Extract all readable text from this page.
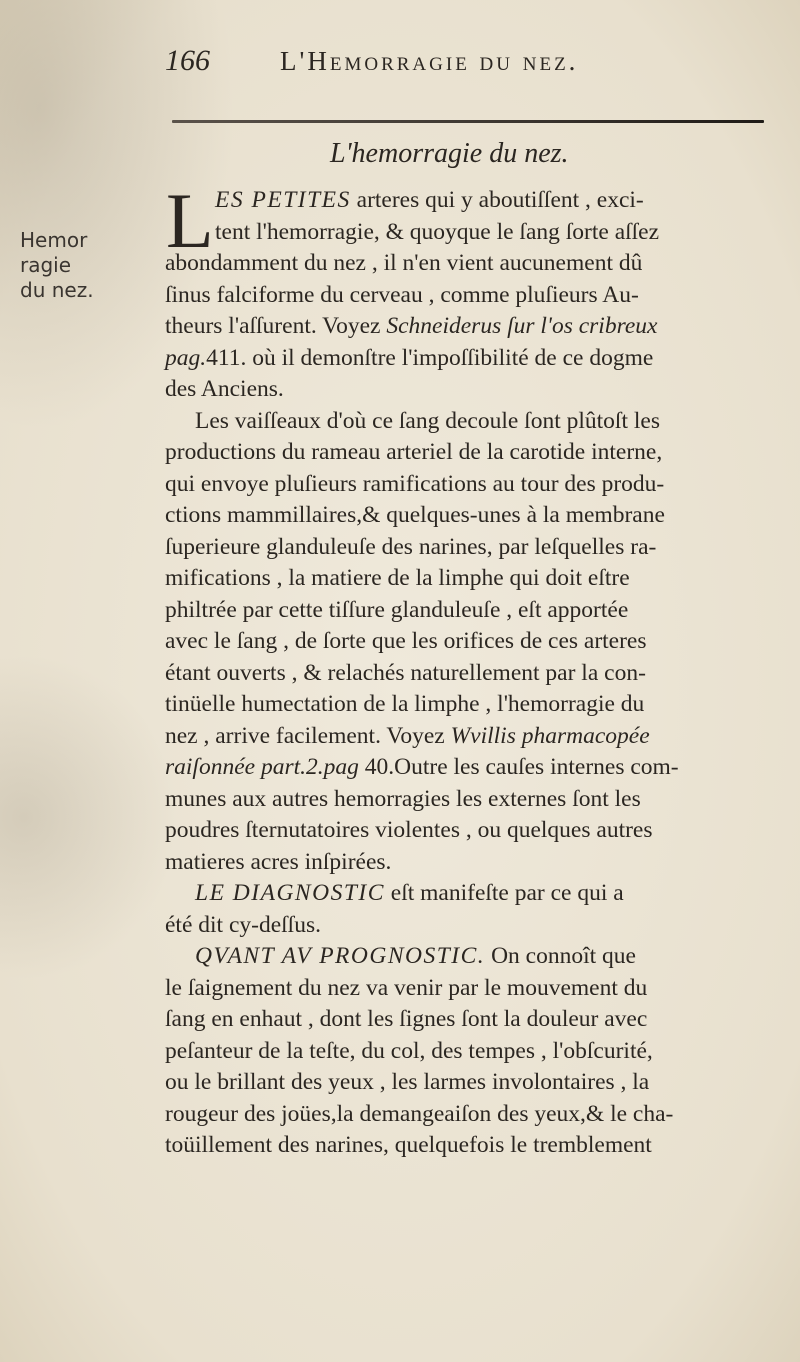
166	L'Hemorragie du nez.
L'hemorragie du nez.
Hemor
ragie
du nez.
L ES PETITES arteres qui y aboutiſſent , exci-
tent l'hemorragie, & quoyque le ſang ſorte aſſez
abondamment du nez , il n'en vient aucunement dû
ſinus falciforme du cerveau , comme pluſieurs Au-
theurs l'aſſurent. Voyez Schneiderus ſur l'os cribreux
pag.411. où il demonſtre l'impoſſibilité de ce dogme
des Anciens.

Les vaiſſeaux d'où ce ſang decoule ſont plûtoſt les
productions du rameau arteriel de la carotide interne,
qui envoye pluſieurs ramifications au tour des produ-
ctions mammillaires,& quelques-unes à la membrane
ſuperieure glanduleuſe des narines, par leſquelles ra-
mifications , la matiere de la limphe qui doit eſtre
philtrée par cette tiſſure glanduleuſe , eſt apportée
avec le ſang , de ſorte que les orifices de ces arteres
étant ouverts , & relachés naturellement par la con-
tinüelle humectation de la limphe , l'hemorragie du
nez , arrive facilement. Voyez Wvillis pharmacopée
raiſonnée part.2.pag 40.Outre les cauſes internes com-
munes aux autres hemorragies les externes ſont les
poudres ſternutatoires violentes , ou quelques autres
matieres acres inſpirées.

LE DIAGNOSTIC eſt manifeſte par ce qui a
été dit cy-deſſus.

QVANT AV PROGNOSTIC. On connoît que
le ſaignement du nez va venir par le mouvement du
ſang en enhaut , dont les ſignes ſont la douleur avec
peſanteur de la teſte, du col, des tempes , l'obſcurité,
ou le brillant des yeux , les larmes involontaires , la
rougeur des joües,la demangeaiſon des yeux,& le cha-
toüillement des narines, quelquefois le tremblement
